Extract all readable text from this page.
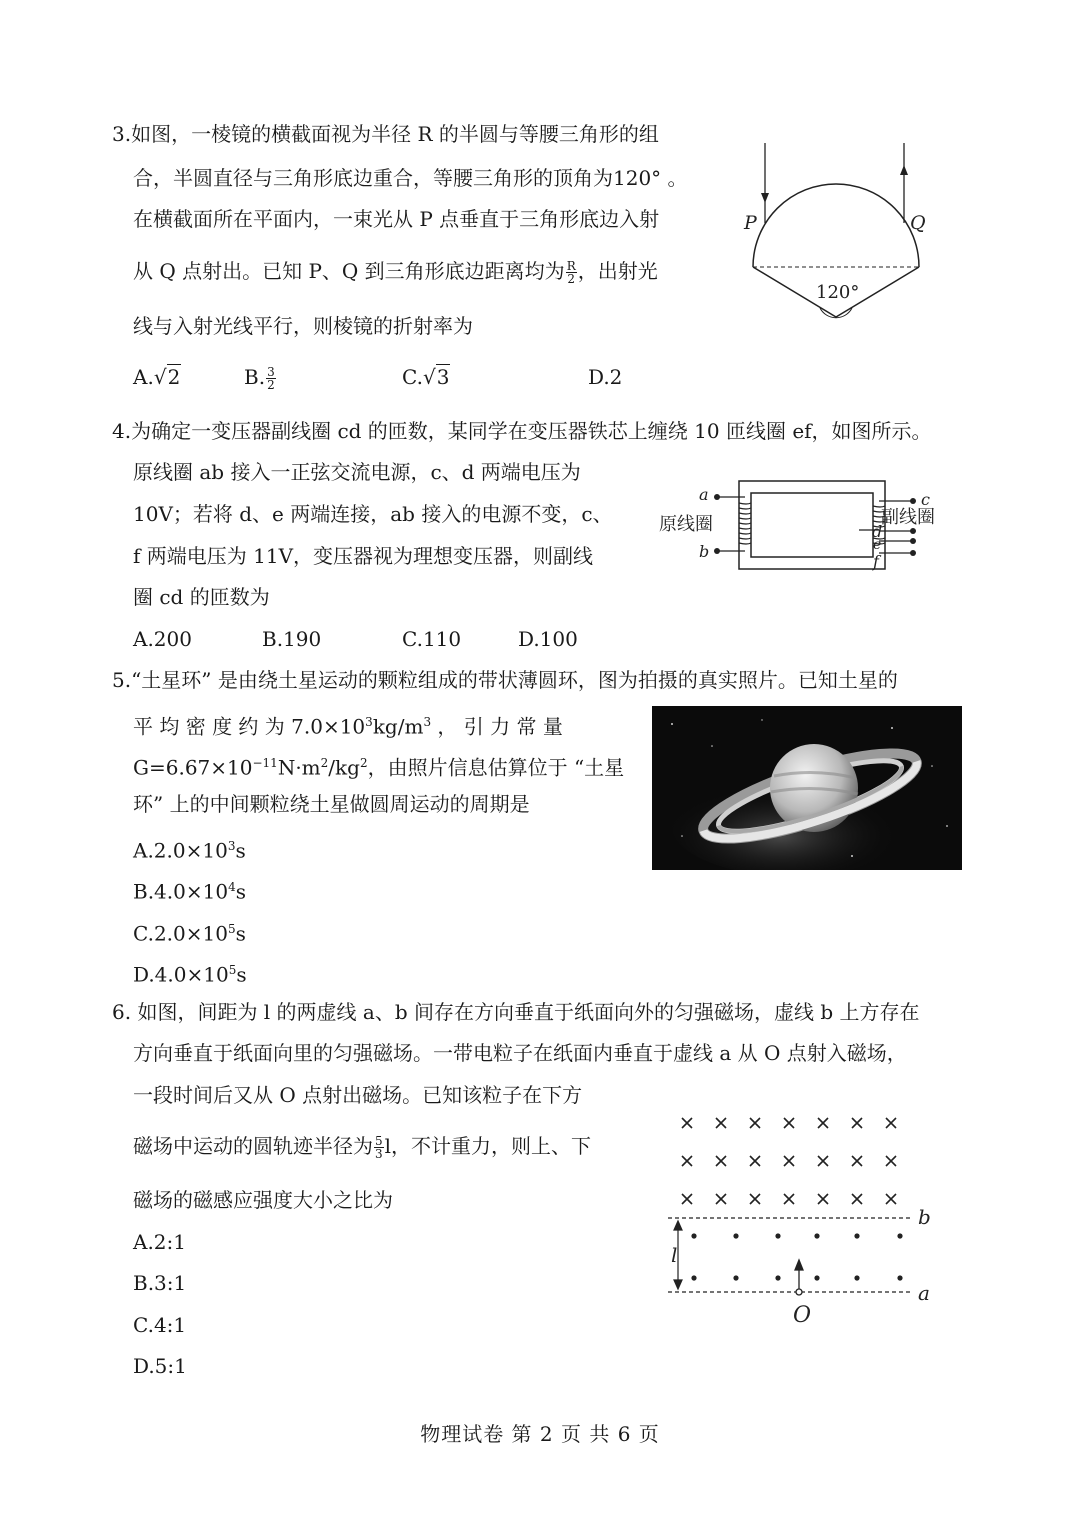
3.如图，一棱镜的横截面视为半径 R 的半圆与等腰三角形的组
合，半圆直径与三角形底边重合，等腰三角形的顶角为120° 。
在横截面所在平面内，一束光从 P 点垂直于三角形底边入射
从 Q 点射出。已知 P、Q 到三角形底边距离均为 $\frac{R}{2}$ ，出射光
线与入射光线平行，则棱镜的折射率为
A.√2	B. $\frac{3}{2}$	C.√3	D.2
P	Q
120°
4.为确定一变压器副线圈 cd 的匝数，某同学在变压器铁芯上缠绕 10 匝线圈 ef，如图所示。
原线圈 ab 接入一正弦交流电源，c、d 两端电压为
10V；若将 d、e 两端连接，ab 接入的电源不变，c、
f 两端电压为 11V，变压器视为理想变压器，则副线
圈 cd 的匝数为
A.200	B.190	C.110	D.100
a
b
c
d
e
f
原线圈	副线圈
5.“土星环” 是由绕土星运动的颗粒组成的带状薄圆环，图为拍摄的真实照片。已知土星的
平 均 密 度 约 为 $7.0\times 10^3kg/m^3$ ， 引 力 常 量
$G=6.67\times 10^{-11}N\cdot m^2/kg^2$，由照片信息估算位于 “土星
环” 上的中间颗粒绕土星做圆周运动的周期是
$A.2.0\times 10^3s$
$B.4.0\times 10^4s$
$C.2.0\times 10^5s$
$D.4.0\times 10^5s$
6. 如图，间距为 l 的两虚线 a、b 间存在方向垂直于纸面向外的匀强磁场，虚线 b 上方存在
方向垂直于纸面向里的匀强磁场。一带电粒子在纸面内垂直于虚线 a 从 O 点射入磁场，
一段时间后又从 O 点射出磁场。已知该粒子在下方
磁场中运动的圆轨迹半径为 $\frac{5}{3}$ l，不计重力，则上、下
磁场的磁感应强度大小之比为
A.2:1
B.3:1
C.4:1
D.5:1
b
a
l
O
物理试卷 第 2 页 共 6 页
